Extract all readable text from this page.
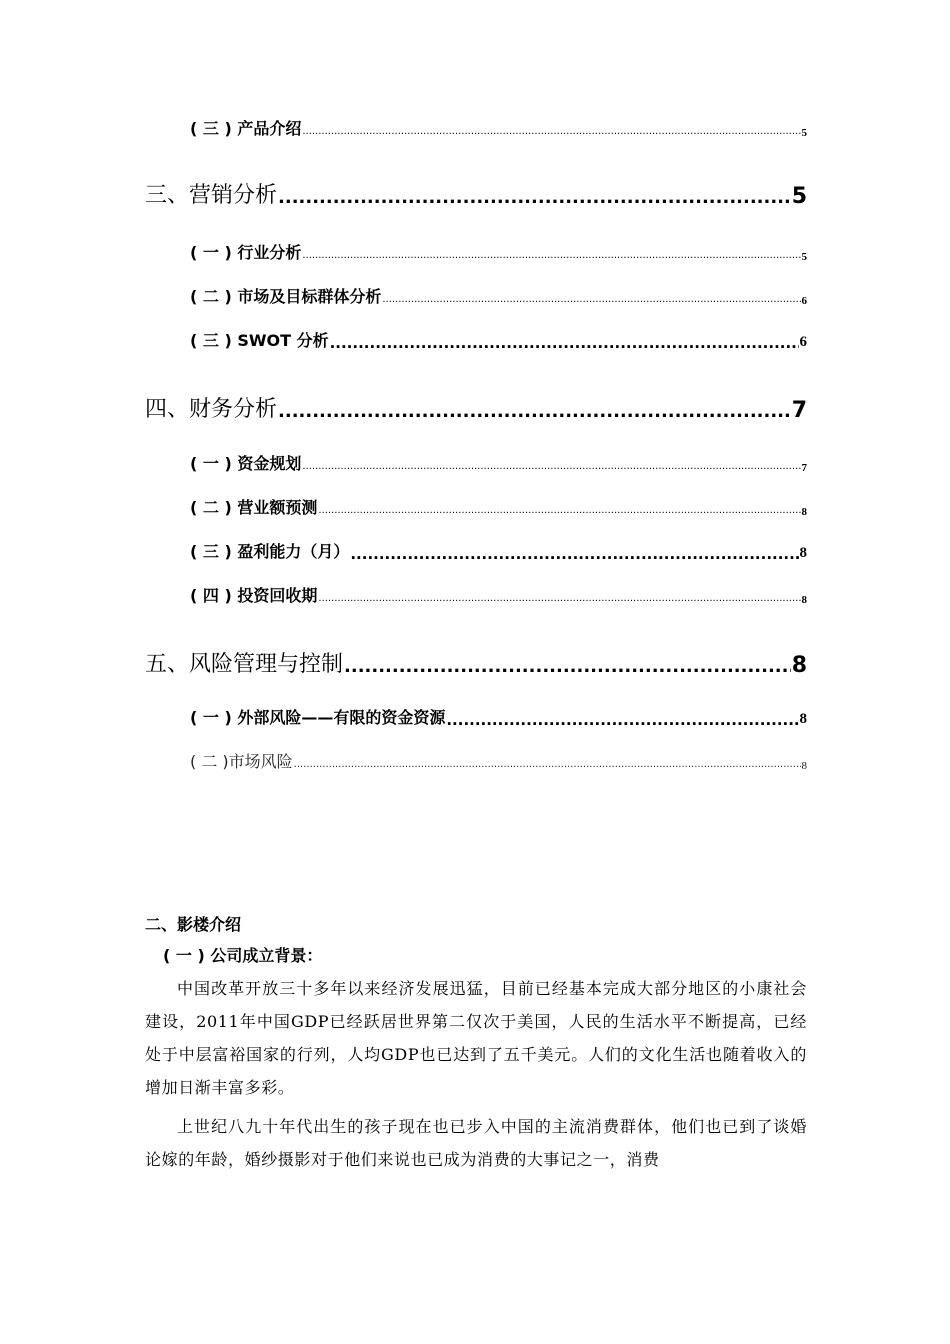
( 三 ) 产品介绍 .....	5
三、营销分析 .....	5
( 一 ) 行业分析 .....	5
( 二 ) 市场及目标群体分析 .....	6
( 三 ) SWOT 分析 .....	6
四、财务分析 .....	7
( 一 ) 资金规划 .....	7
( 二 ) 营业额预测 .....	8
( 三 ) 盈利能力（月） .....	8
( 四 ) 投资回收期 .....	8
五、风险管理与控制 .....	8
( 一 ) 外部风险——有限的资金资源 .....	8
( 二 )市场风险 .....	8

二、影楼介绍

( 一 ) 公司成立背景：

中国改革开放三十多年以来经济发展迅猛，目前已经基本完成大部分地区的小康社会建设，2011年中国GDP已经跃居世界第二仅次于美国，人民的生活水平不断提高，已经处于中层富裕国家的行列，人均GDP也已达到了五千美元。人们的文化生活也随着收入的增加日渐丰富多彩。

上世纪八九十年代出生的孩子现在也已步入中国的主流消费群体，他们也已到了谈婚论嫁的年龄，婚纱摄影对于他们来说也已成为消费的大事记之一，消费
